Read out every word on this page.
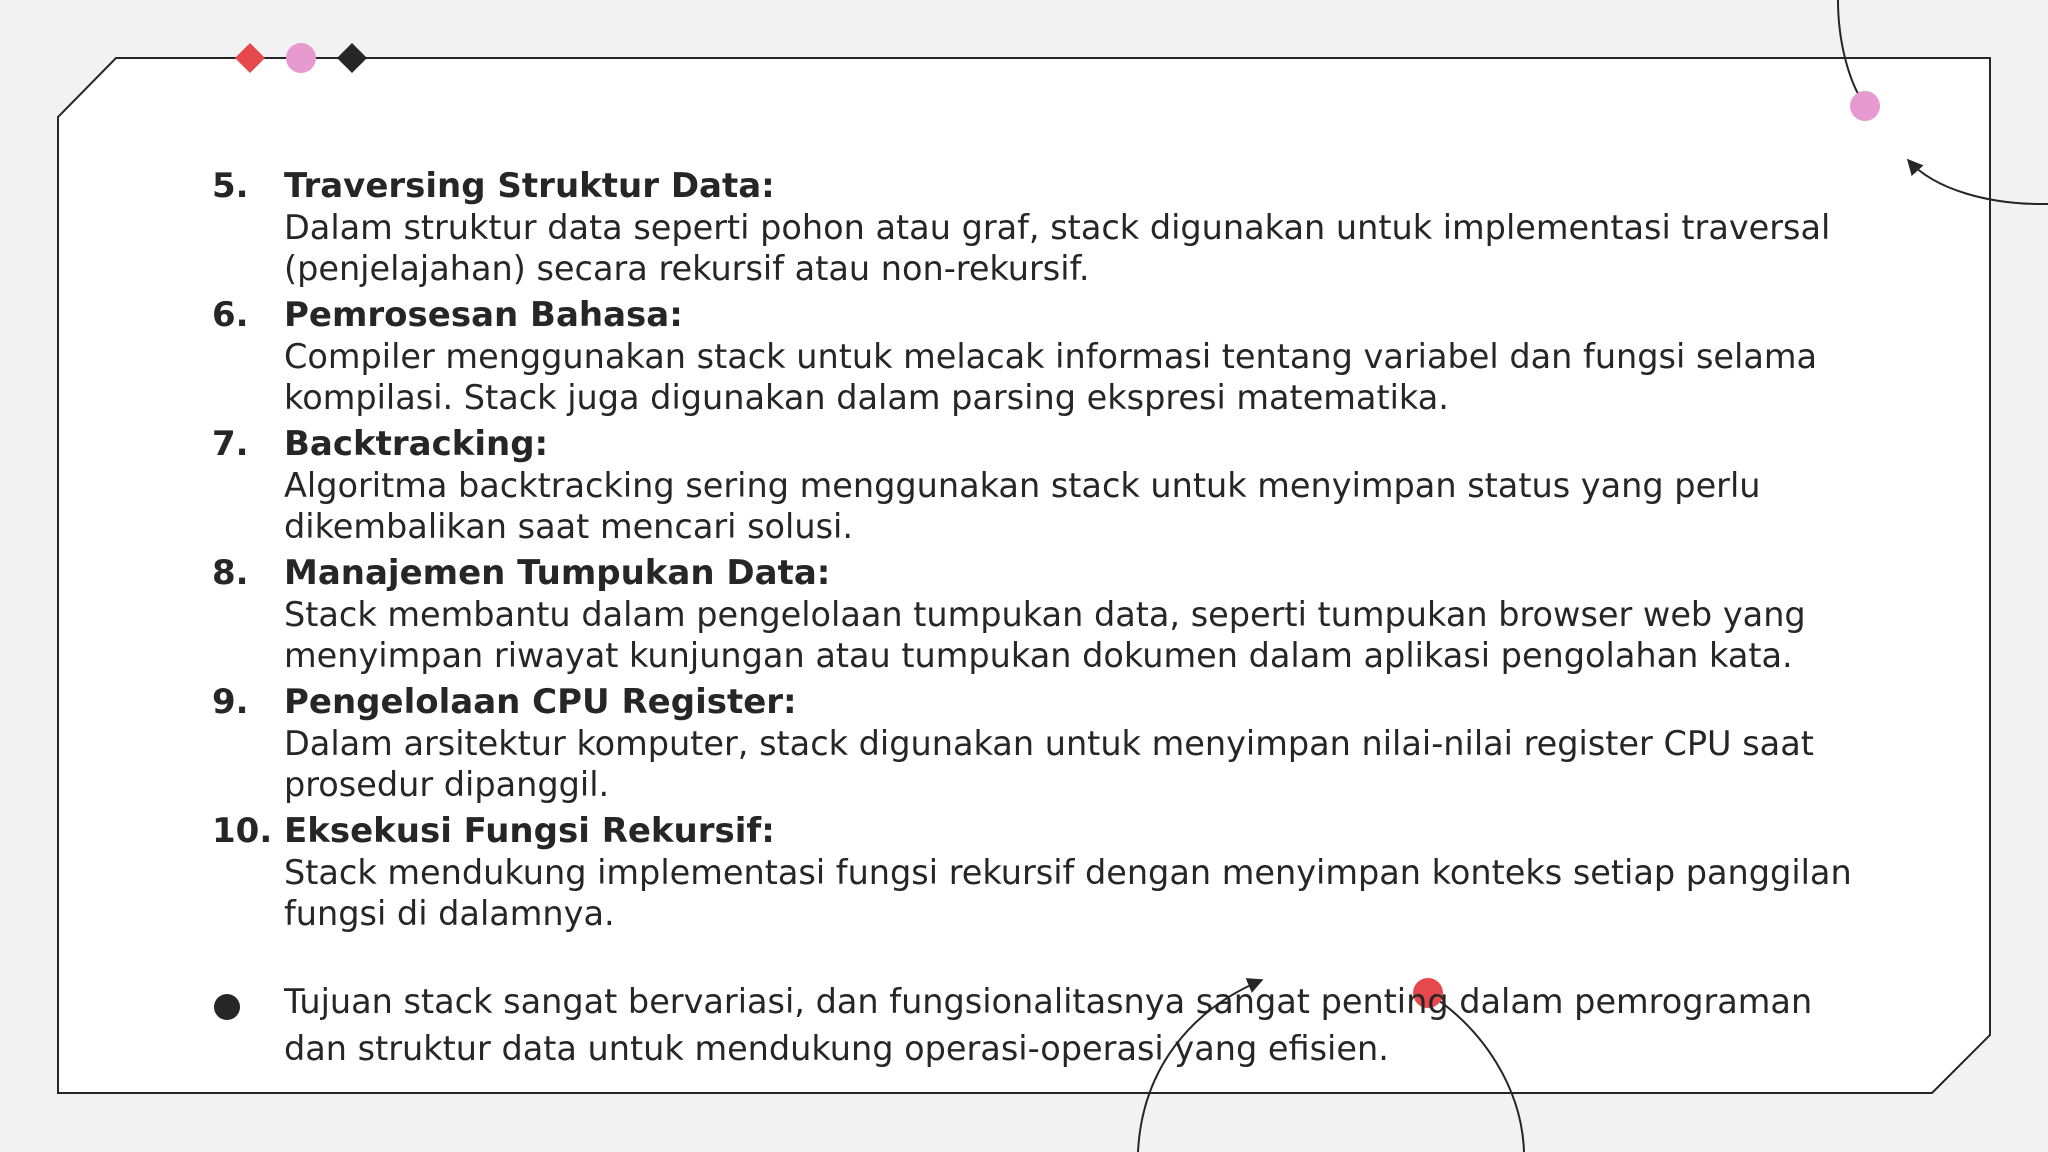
5. Traversing Struktur Data:
Dalam struktur data seperti pohon atau graf, stack digunakan untuk implementasi traversal (penjelajahan) secara rekursif atau non-rekursif.
6. Pemrosesan Bahasa:
Compiler menggunakan stack untuk melacak informasi tentang variabel dan fungsi selama kompilasi. Stack juga digunakan dalam parsing ekspresi matematika.
7. Backtracking:
Algoritma backtracking sering menggunakan stack untuk menyimpan status yang perlu dikembalikan saat mencari solusi.
8. Manajemen Tumpukan Data:
Stack membantu dalam pengelolaan tumpukan data, seperti tumpukan browser web yang menyimpan riwayat kunjungan atau tumpukan dokumen dalam aplikasi pengolahan kata.
9. Pengelolaan CPU Register:
Dalam arsitektur komputer, stack digunakan untuk menyimpan nilai-nilai register CPU saat prosedur dipanggil.
10. Eksekusi Fungsi Rekursif:
Stack mendukung implementasi fungsi rekursif dengan menyimpan konteks setiap panggilan fungsi di dalamnya.
Tujuan stack sangat bervariasi, dan fungsionalitasnya sangat penting dalam pemrograman dan struktur data untuk mendukung operasi-operasi yang efisien.
